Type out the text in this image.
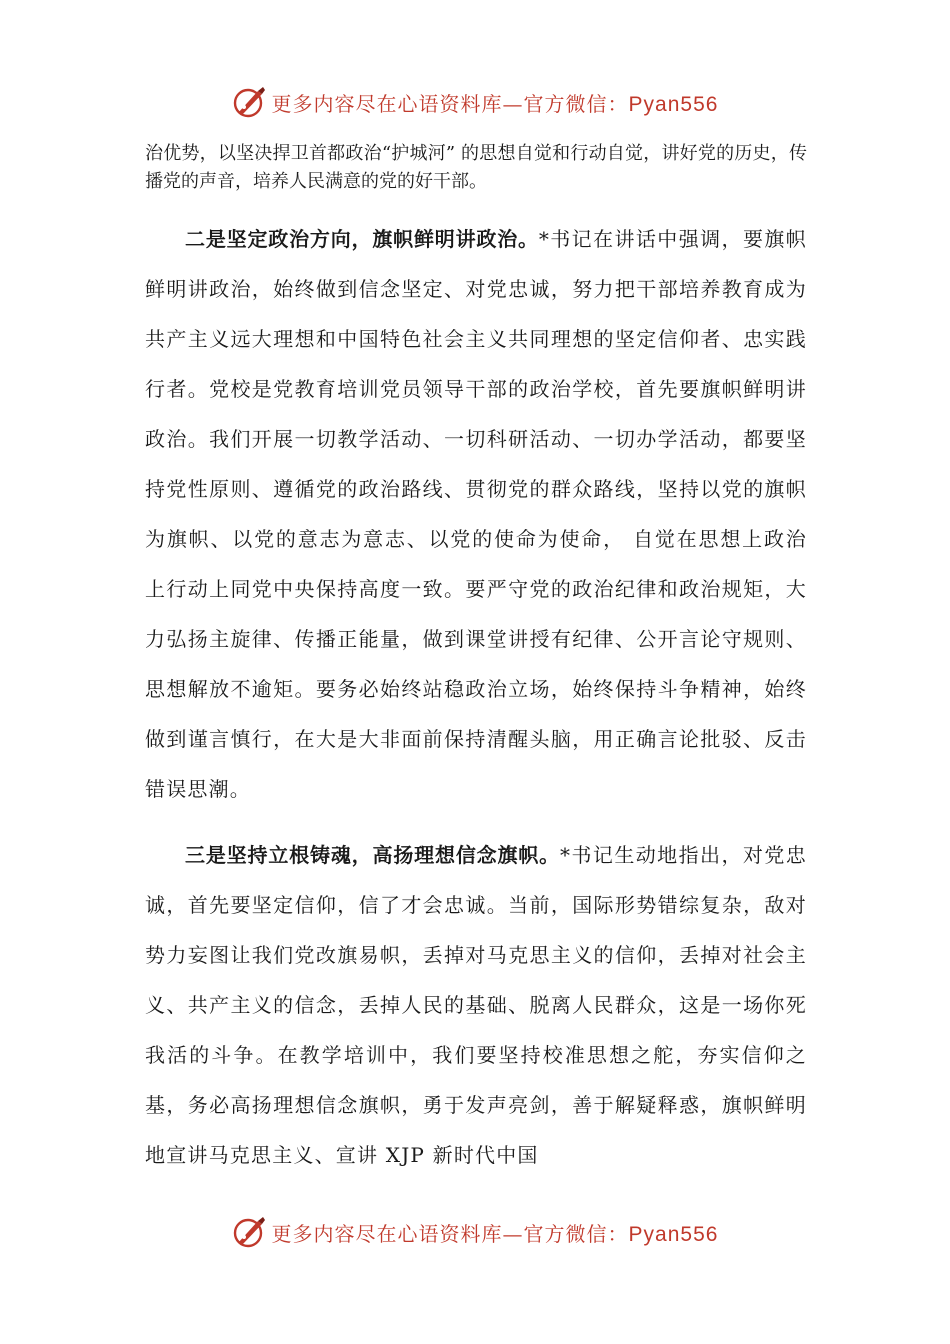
更多内容尽在心语资料库—官方微信：Pyan556

治优势，以坚决捍卫首都政治“护城河” 的思想自觉和行动自觉，讲好党的历史，传播党的声音，培养人民满意的党的好干部。

二是坚定政治方向，旗帜鲜明讲政治。*书记在讲话中强调，要旗帜鲜明讲政治，始终做到信念坚定、对党忠诚，努力把干部培养教育成为共产主义远大理想和中国特色社会主义共同理想的坚定信仰者、忠实践行者。党校是党教育培训党员领导干部的政治学校，首先要旗帜鲜明讲政治。我们开展一切教学活动、一切科研活动、一切办学活动，都要坚持党性原则、遵循党的政治路线、贯彻党的群众路线，坚持以党的旗帜为旗帜、以党的意志为意志、以党的使命为使命， 自觉在思想上政治上行动上同党中央保持高度一致。要严守党的政治纪律和政治规矩，大力弘扬主旋律、传播正能量，做到课堂讲授有纪律、公开言论守规则、思想解放不逾矩。要务必始终站稳政治立场，始终保持斗争精神，始终做到谨言慎行，在大是大非面前保持清醒头脑，用正确言论批驳、反击错误思潮。

三是坚持立根铸魂，高扬理想信念旗帜。*书记生动地指出，对党忠诚，首先要坚定信仰，信了才会忠诚。当前，国际形势错综复杂，敌对势力妄图让我们党改旗易帜，丢掉对马克思主义的信仰，丢掉对社会主义、共产主义的信念，丢掉人民的基础、脱离人民群众，这是一场你死我活的斗争。在教学培训中，我们要坚持校准思想之舵，夯实信仰之基，务必高扬理想信念旗帜，勇于发声亮剑，善于解疑释惑，旗帜鲜明地宣讲马克思主义、宣讲 XJP 新时代中国

更多内容尽在心语资料库—官方微信：Pyan556
